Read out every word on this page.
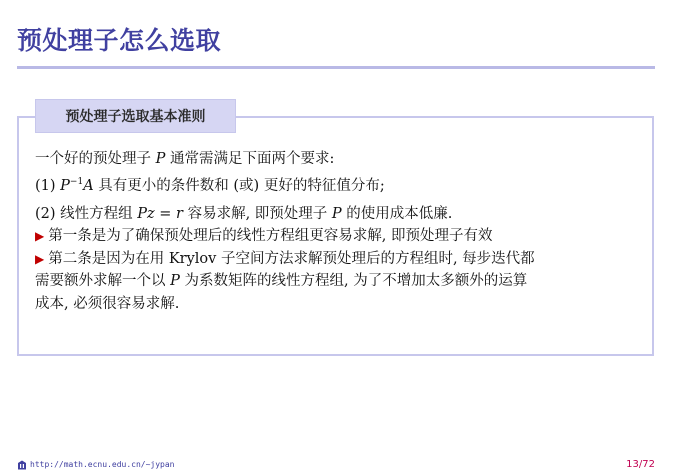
预处理子怎么选取
预处理子选取基本准则
一个好的预处理子 P 通常需满足下面两个要求:
(1) $P^{-1}A$ 具有更小的条件数和 (或) 更好的特征值分布;
(2) 线性方程组 Pz = r 容易求解, 即预处理子 P 的使用成本低廉.
▶ 第一条是为了确保预处理后的线性方程组更容易求解, 即预处理子有效
▶ 第二条是因为在用 Krylov 子空间方法求解预处理后的方程组时, 每步迭代都
需要额外求解一个以 P 为系数矩阵的线性方程组, 为了不增加太多额外的运算
成本, 必须很容易求解.
http://math.ecnu.edu.cn/~jypan	13/72
